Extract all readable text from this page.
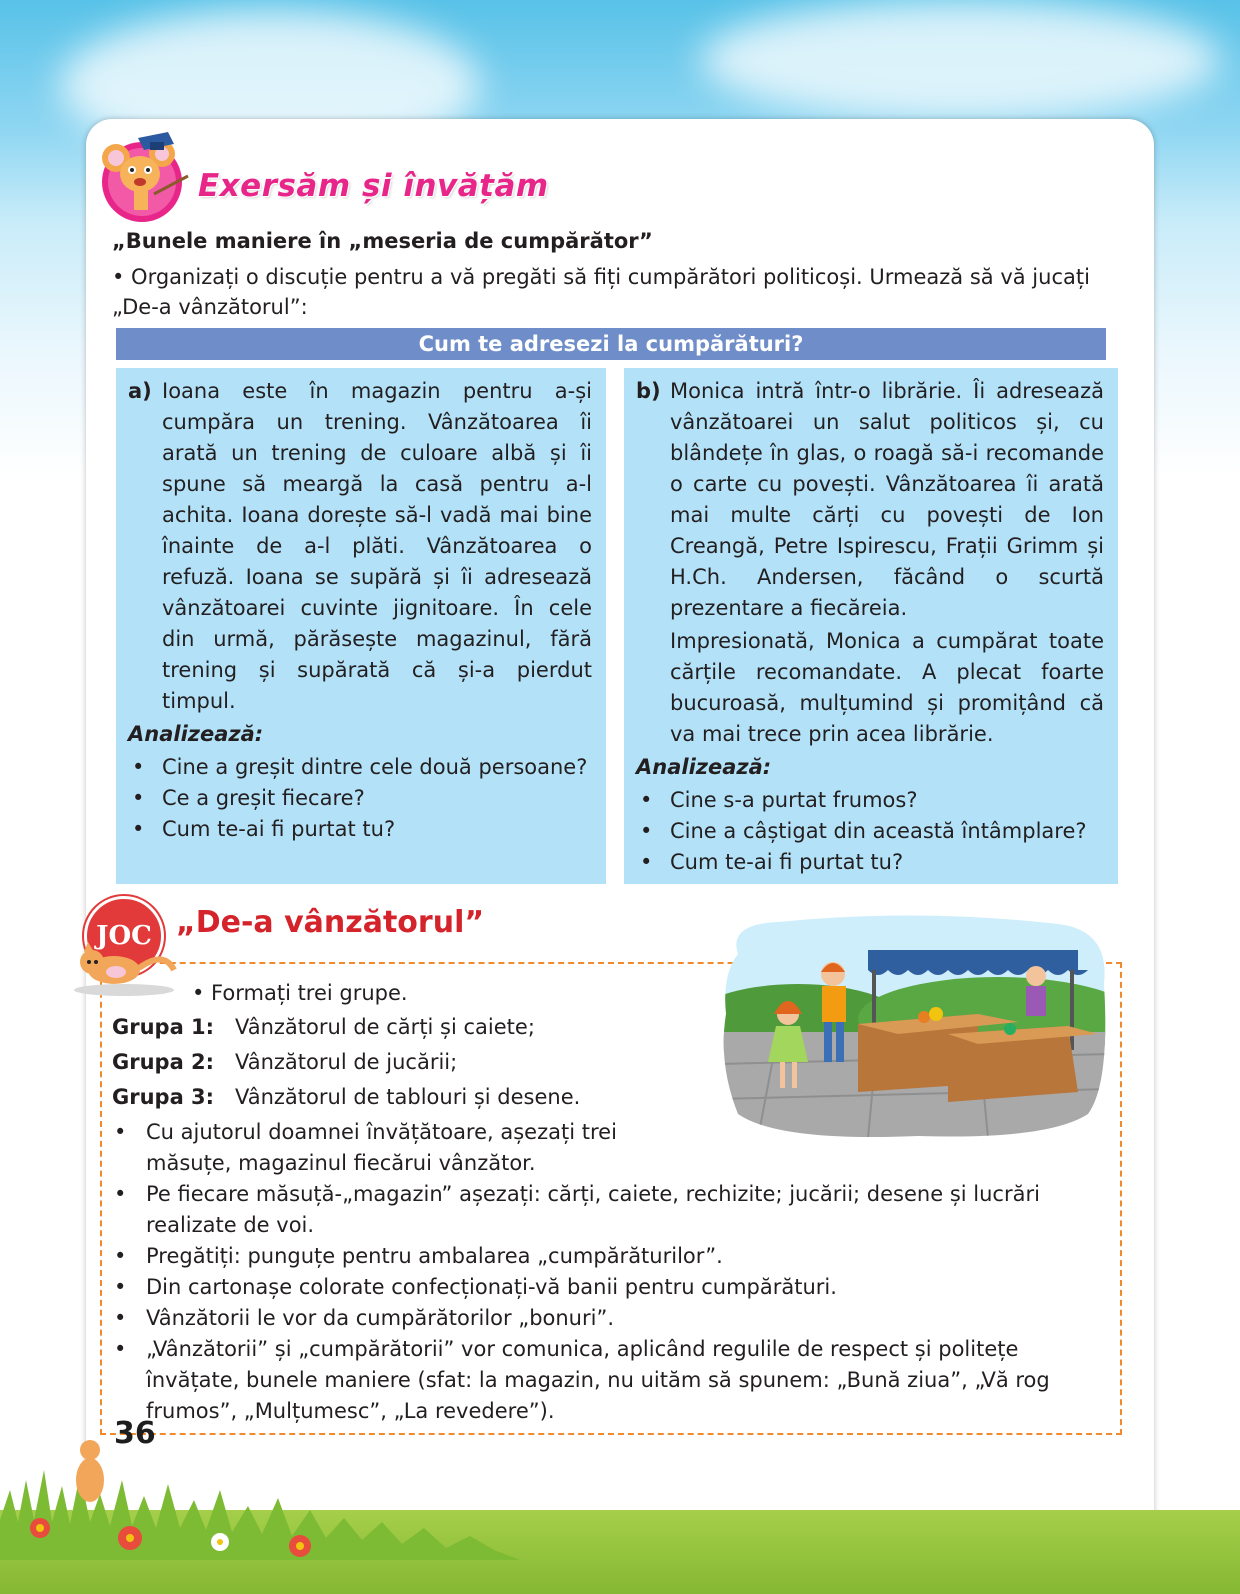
Exersăm și învățăm
„Bunele maniere în „meseria de cumpărător”
• Organizați o discuție pentru a vă pregăti să fiți cumpărători politicoși. Urmează să vă jucați „De-a vânzătorul”:
Cum te adresezi la cumpărături?
a) Ioana este în magazin pentru a-și cumpăra un trening. Vânzătoarea îi arată un trening de culoare albă și îi spune să meargă la casă pentru a-l achita. Ioana dorește să-l vadă mai bine înainte de a-l plăti. Vânzătoarea o refuză. Ioana se supără și îi adresează vânzătoarei cuvinte jignitoare. În cele din urmă, părăsește magazinul, fără trening și supărată că și-a pierdut timpul.
Analizează:
• Cine a greșit dintre cele două persoane?
• Ce a greșit fiecare?
• Cum te-ai fi purtat tu?
b) Monica intră într-o librărie. Îi adresează vânzătoarei un salut politicos și, cu blândețe în glas, o roagă să-i recomande o carte cu povești. Vânzătoarea îi arată mai multe cărți cu povești de Ion Creangă, Petre Ispirescu, Frații Grimm și H.Ch. Andersen, făcând o scurtă prezentare a fiecăreia.
Impresionată, Monica a cumpărat toate cărțile recomandate. A plecat foarte bucuroasă, mulțumind și promițând că va mai trece prin acea librărie.
Analizează:
• Cine s-a purtat frumos?
• Cine a câștigat din această întâmplare?
• Cum te-ai fi purtat tu?
JOC „De-a vânzătorul”
• Formați trei grupe.
Grupa 1: Vânzătorul de cărți și caiete;
Grupa 2: Vânzătorul de jucării;
Grupa 3: Vânzătorul de tablouri și desene.
• Cu ajutorul doamnei învățătoare, așezați trei măsuțe, magazinul fiecărui vânzător.
• Pe fiecare măsuță-„magazin” așezați: cărți, caiete, rechizite; jucării; desene și lucrări realizate de voi.
• Pregătiți: punguțe pentru ambalarea „cumpărăturilor”.
• Din cartonașe colorate confecționați-vă banii pentru cumpărături.
• Vânzătorii le vor da cumpărătorilor „bonuri”.
• „Vânzătorii” și „cumpărătorii” vor comunica, aplicând regulile de respect și politețe învățate, bunele maniere (sfat: la magazin, nu uităm să spunem: „Bună ziua”, „Vă rog frumos”, „Mulțumesc”, „La revedere”).
36
